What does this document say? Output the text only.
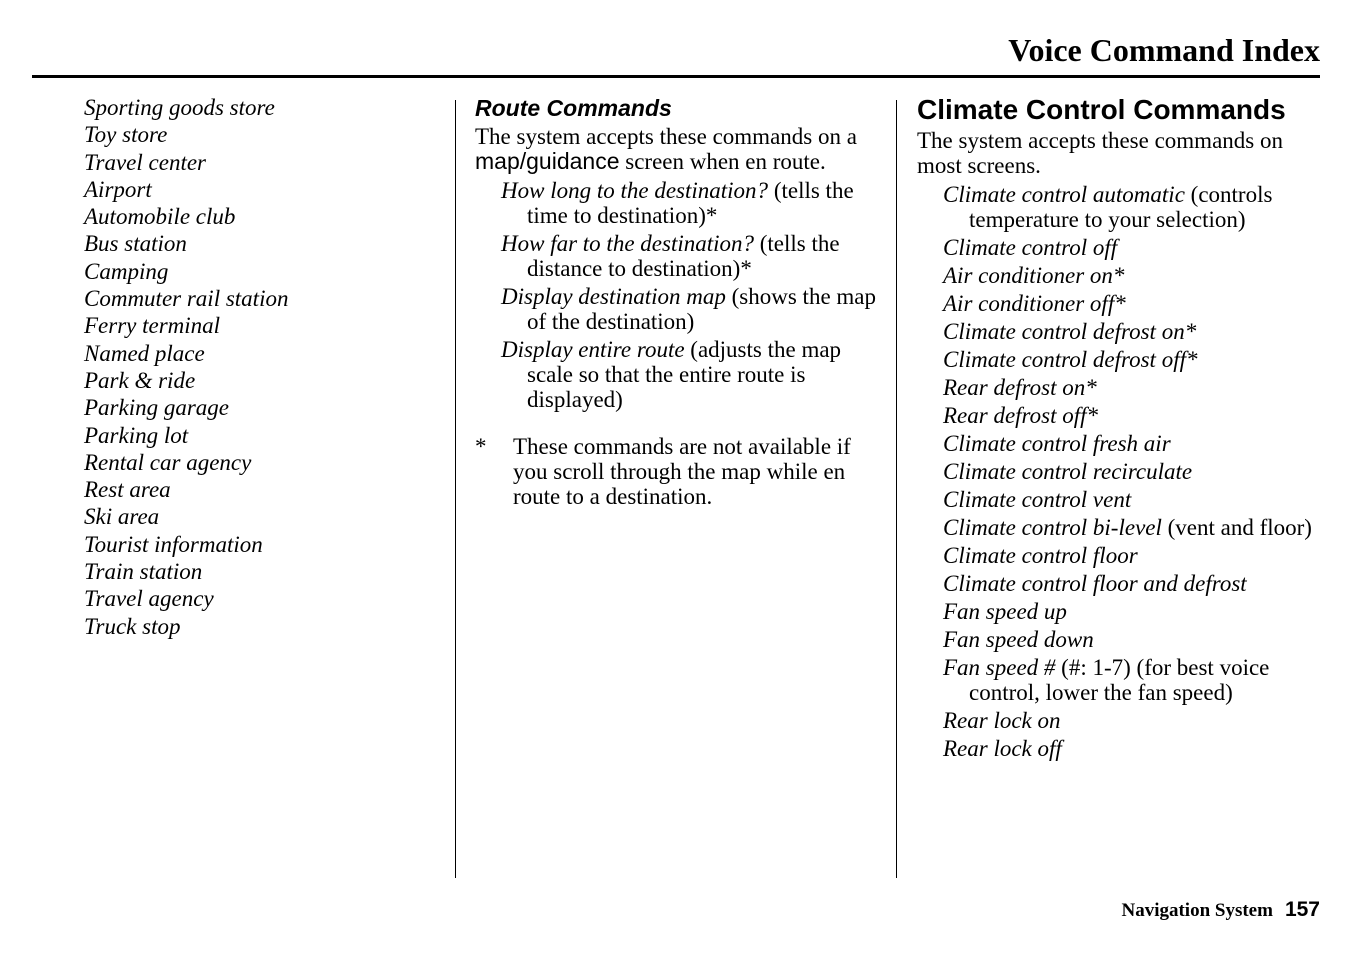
Voice Command Index
Sporting goods store
Toy store
Travel center
Airport
Automobile club
Bus station
Camping
Commuter rail station
Ferry terminal
Named place
Park & ride
Parking garage
Parking lot
Rental car agency
Rest area
Ski area
Tourist information
Train station
Travel agency
Truck stop
Route Commands

The system accepts these commands on a map/guidance screen when en route.

How long to the destination? (tells the time to destination)*
How far to the destination? (tells the distance to destination)*
Display destination map (shows the map of the destination)
Display entire route (adjusts the map scale so that the entire route is displayed)
* These commands are not available if you scroll through the map while en route to a destination.
Climate Control Commands

The system accepts these commands on most screens.

Climate control automatic (controls temperature to your selection)
Climate control off
Air conditioner on*
Air conditioner off*
Climate control defrost on*
Climate control defrost off*
Rear defrost on*
Rear defrost off*
Climate control fresh air
Climate control recirculate
Climate control vent
Climate control bi-level (vent and floor)
Climate control floor
Climate control floor and defrost
Fan speed up
Fan speed down
Fan speed # (#: 1-7) (for best voice control, lower the fan speed)
Rear lock on
Rear lock off
Navigation System 157
